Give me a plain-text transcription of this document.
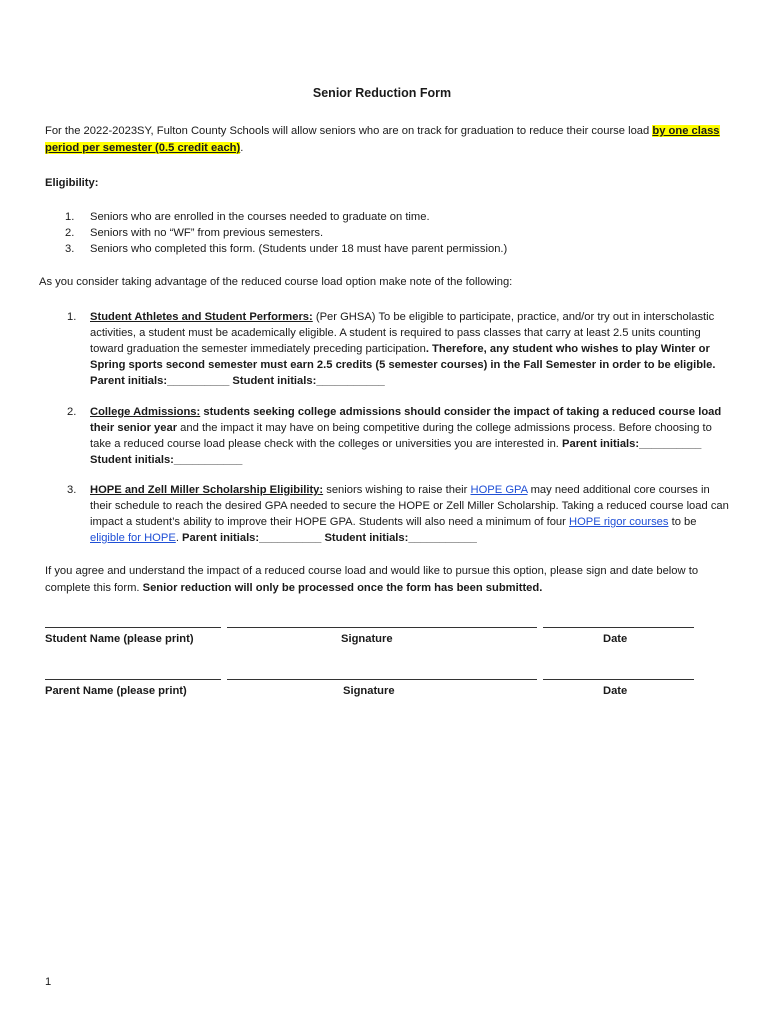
Senior Reduction Form
For the 2022-2023SY, Fulton County Schools will allow seniors who are on track for graduation to reduce their course load by one class period per semester (0.5 credit each).
Eligibility:
1.	Seniors who are enrolled in the courses needed to graduate on time.
2.	Seniors with no “WF” from previous semesters.
3.	Seniors who completed this form. (Students under 18 must have parent permission.)
As you consider taking advantage of the reduced course load option make note of the following:
1.	Student Athletes and Student Performers: (Per GHSA) To be eligible to participate, practice, and/or try out in interscholastic activities, a student must be academically eligible. A student is required to pass classes that carry at least 2.5 units counting toward graduation the semester immediately preceding participation. Therefore, any student who wishes to play Winter or Spring sports second semester must earn 2.5 credits (5 semester courses) in the Fall Semester in order to be eligible. Parent initials:__________ Student initials:___________
2.	College Admissions: students seeking college admissions should consider the impact of taking a reduced course load their senior year and the impact it may have on being competitive during the college admissions process. Before choosing to take a reduced course load please check with the colleges or universities you are interested in. Parent initials:__________ Student initials:___________
3.	HOPE and Zell Miller Scholarship Eligibility: seniors wishing to raise their HOPE GPA may need additional core courses in their schedule to reach the desired GPA needed to secure the HOPE or Zell Miller Scholarship. Taking a reduced course load can impact a student’s ability to improve their HOPE GPA. Students will also need a minimum of four HOPE rigor courses to be eligible for HOPE. Parent initials:__________ Student initials:___________
If you agree and understand the impact of a reduced course load and would like to pursue this option, please sign and date below to complete this form. Senior reduction will only be processed once the form has been submitted.
Student Name (please print)	Signature	Date
Parent Name (please print)	Signature	Date
1
